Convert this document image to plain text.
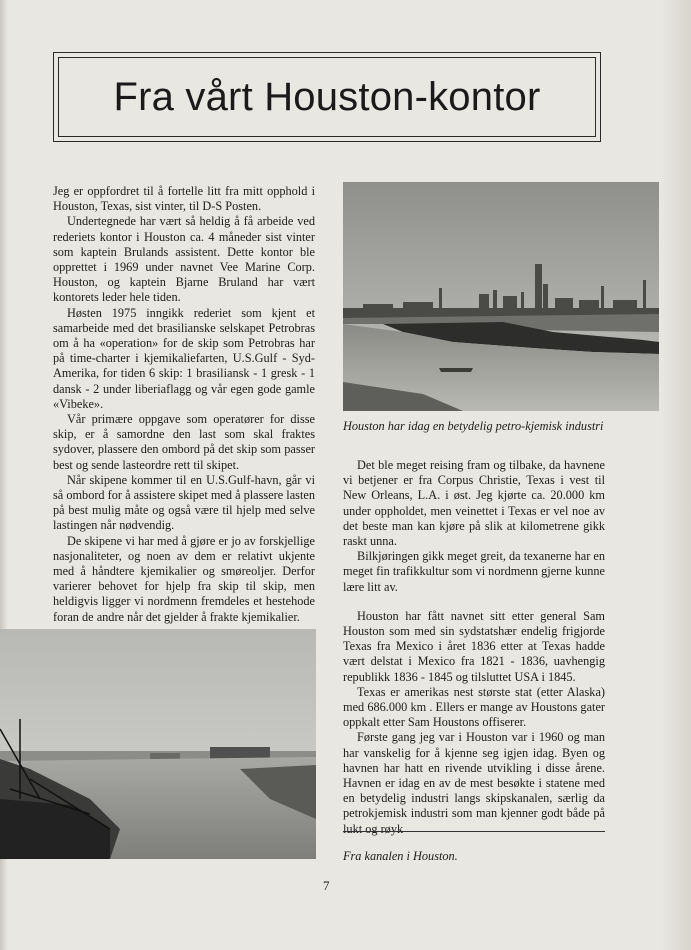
Fra vårt Houston-kontor

Jeg er oppfordret til å fortelle litt fra mitt opphold i Houston, Texas, sist vinter, til D-S Posten.

Undertegnede har vært så heldig å få arbeide ved rederiets kontor i Houston ca. 4 måneder sist vinter som kaptein Brulands assistent. Dette kontor ble opprettet i 1969 under navnet Vee Marine Corp. Houston, og kaptein Bjarne Bruland har vært kontorets leder hele tiden.

Høsten 1975 inngikk rederiet som kjent et samarbeide med det brasilianske selskapet Petrobras om å ha «operation» for de skip som Petrobras har på time-charter i kjemikaliefarten, U.S.Gulf - Syd-Amerika, for tiden 6 skip: 1 brasiliansk - 1 gresk - 1 dansk - 2 under liberiaflagg og vår egen gode gamle «Vibeke».

Vår primære oppgave som operatører for disse skip, er å samordne den last som skal fraktes sydover, plassere den ombord på det skip som passer best og sende lasteordre rett til skipet.

Når skipene kommer til en U.S.Gulf-havn, går vi så ombord for å assistere skipet med å plassere lasten på best mulig måte og også være til hjelp med selve lastingen når nødvendig.

De skipene vi har med å gjøre er jo av forskjellige nasjonaliteter, og noen av dem er relativt ukjente med å håndtere kjemikalier og smøreoljer. Derfor varierer behovet for hjelp fra skip til skip, men heldigvis ligger vi nordmenn fremdeles et hestehode foran de andre når det gjelder å frakte kjemikalier.

Houston har idag en betydelig petro-kjemisk industri

Det ble meget reising fram og tilbake, da havnene vi betjener er fra Corpus Christie, Texas i vest til New Orleans, L.A. i øst. Jeg kjørte ca. 20.000 km under oppholdet, men veinettet i Texas er vel noe av det beste man kan kjøre på slik at kilometrene gikk raskt unna.

Bilkjøringen gikk meget greit, da texanerne har en meget fin trafikkultur som vi nordmenn gjerne kunne lære litt av.

Houston har fått navnet sitt etter general Sam Houston som med sin sydstatshær endelig frigjorde Texas fra Mexico i året 1836 etter at Texas hadde vært delstat i Mexico fra 1821 - 1836, uavhengig republikk 1836 - 1845 og tilsluttet USA i 1845.

Texas er amerikas nest største stat (etter Alaska) med 686.000 km . Ellers er mange av Houstons gater oppkalt etter Sam Houstons offiserer.

Første gang jeg var i Houston var i 1960 og man har vanskelig for å kjenne seg igjen idag. Byen og havnen har hatt en rivende utvikling i disse årene. Havnen er idag en av de mest besøkte i statene med en betydelig industri langs skipskanalen, særlig da petrokjemisk industri som man kjenner godt både på lukt og røyk

Fra kanalen i Houston.
7
